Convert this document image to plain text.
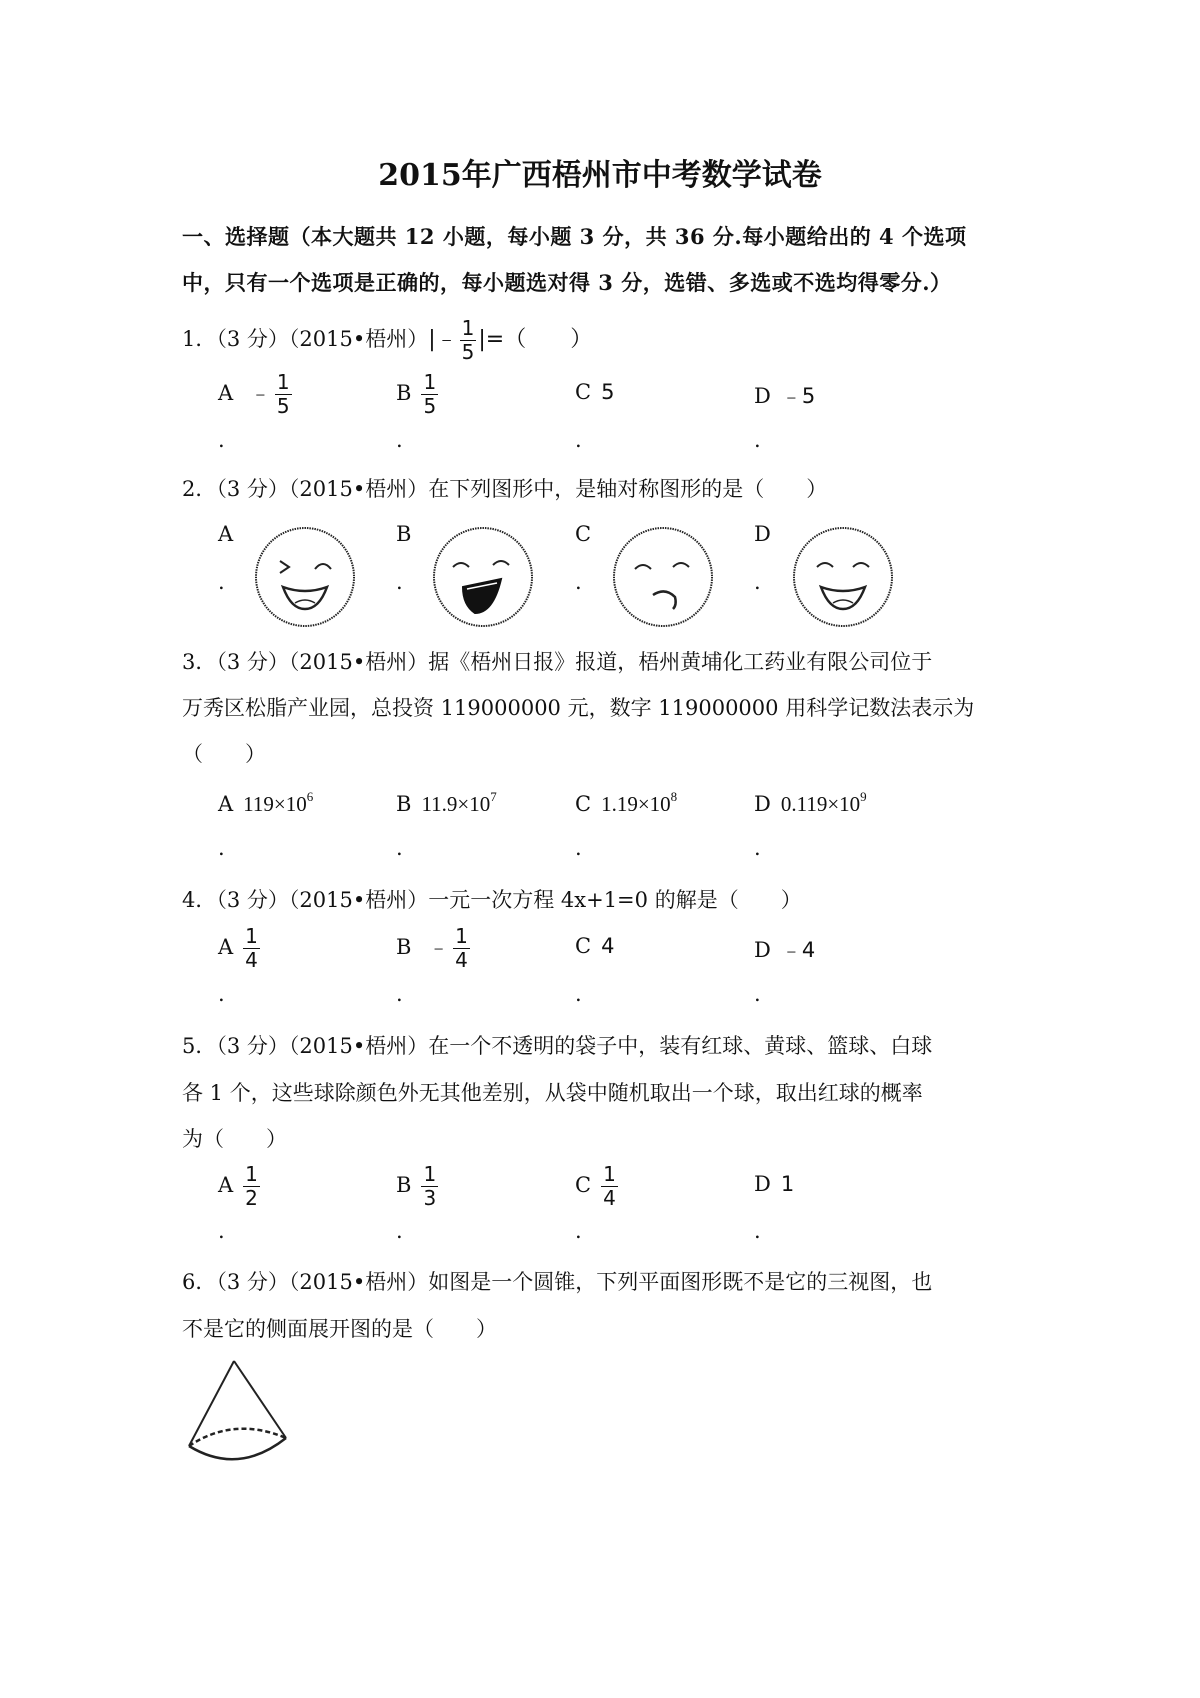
2015年广西梧州市中考数学试卷
一、选择题（本大题共 12 小题，每小题 3 分，共 36 分.每小题给出的 4 个选项
中，只有一个选项是正确的，每小题选对得 3 分，选错、多选或不选均得零分.）
1．（3 分）（2015•梧州）|﹣ $\frac{1}{5}$ |=（　　）
A ﹣ $\frac{1}{5}$	B $\frac{1}{5}$	C 5	D ﹣5
.	.	.	.
2．（3 分）（2015•梧州）在下列图形中，是轴对称图形的是（　　）
A	B	C	D
.	.	.	.
3．（3 分）（2015•梧州）据《梧州日报》报道，梧州黄埔化工药业有限公司位于
万秀区松脂产业园，总投资 119000000 元，数字 119000000 用科学记数法表示为
（　　）
A $119\times 10^6$	B $11.9\times 10^7$	C $1.19\times 10^8$	D $0.119\times 10^9$
.	.	.	.
4．（3 分）（2015•梧州）一元一次方程 4x+1=0 的解是（　　）
A $\frac{1}{4}$	B ﹣ $\frac{1}{4}$	C 4	D ﹣4
.	.	.	.
5．（3 分）（2015•梧州）在一个不透明的袋子中，装有红球、黄球、篮球、白球
各 1 个，这些球除颜色外无其他差别，从袋中随机取出一个球，取出红球的概率
为（　　）
A $\frac{1}{2}$	B $\frac{1}{3}$	C $\frac{1}{4}$	D 1
.	.	.	.
6．（3 分）（2015•梧州）如图是一个圆锥，下列平面图形既不是它的三视图，也
不是它的侧面展开图的是（　　）
